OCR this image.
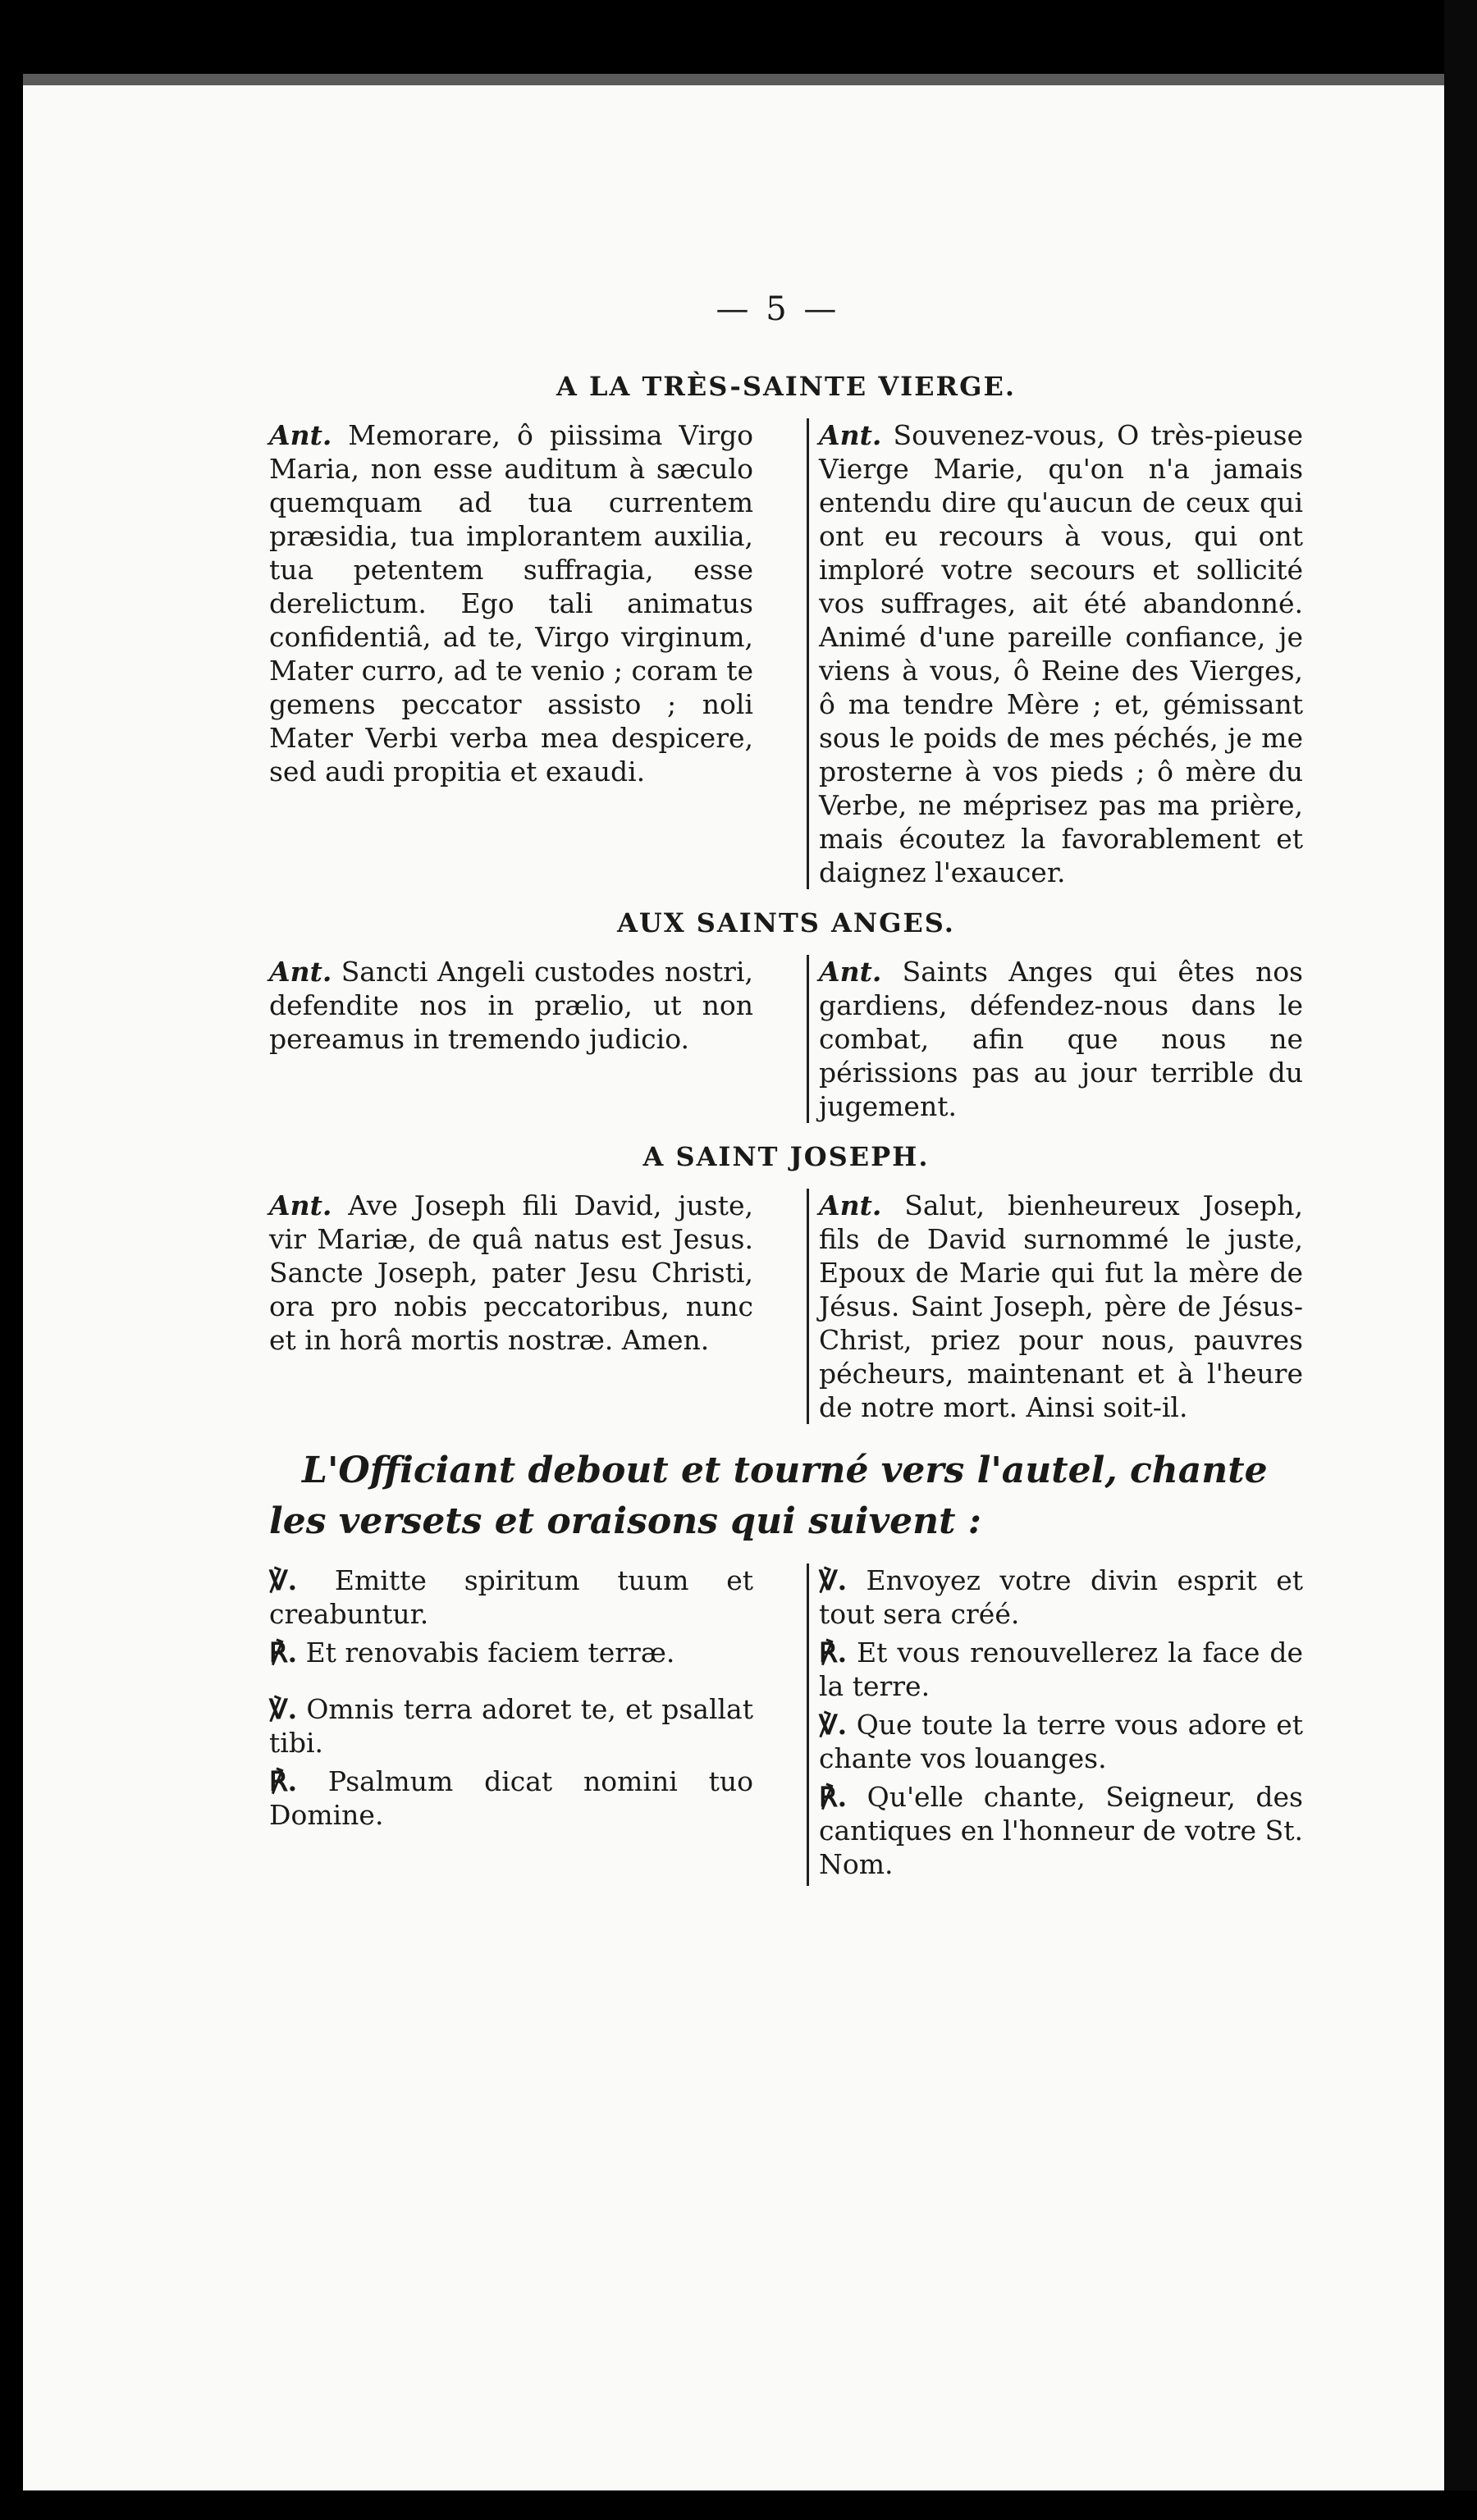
— 5 —
A LA TRÈS-SAINTE VIERGE.
Ant. Memorare, ô piissima Virgo Maria, non esse auditum à sæculo quemquam ad tua currentem præsidia, tua implorantem auxilia, tua petentem suffragia, esse derelictum. Ego tali animatus confidentiâ, ad te, Virgo virginum, Mater curro, ad te venio ; coram te gemens peccator assisto ; noli Mater Verbi verba mea despicere, sed audi propitia et exaudi.
Ant. Souvenez-vous, O très-pieuse Vierge Marie, qu'on n'a jamais entendu dire qu'aucun de ceux qui ont eu recours à vous, qui ont imploré votre secours et sollicité vos suffrages, ait été abandonné. Animé d'une pareille confiance, je viens à vous, ô Reine des Vierges, ô ma tendre Mère ; et, gémissant sous le poids de mes péchés, je me prosterne à vos pieds ; ô mère du Verbe, ne méprisez pas ma prière, mais écoutez la favorablement et daignez l'exaucer.
AUX SAINTS ANGES.
Ant. Sancti Angeli custodes nostri, defendite nos in prælio, ut non pereamus in tremendo judicio.
Ant. Saints Anges qui êtes nos gardiens, défendez-nous dans le combat, afin que nous ne périssions pas au jour terrible du jugement.
A SAINT JOSEPH.
Ant. Ave Joseph fili David, juste, vir Mariæ, de quâ natus est Jesus. Sancte Joseph, pater Jesu Christi, ora pro nobis peccatoribus, nunc et in horâ mortis nostræ. Amen.
Ant. Salut, bienheureux Joseph, fils de David surnommé le juste, Epoux de Marie qui fut la mère de Jésus. Saint Joseph, père de Jésus-Christ, priez pour nous, pauvres pécheurs, maintenant et à l'heure de notre mort. Ainsi soit-il.
L'Officiant debout et tourné vers l'autel, chante les versets et oraisons qui suivent :

℣. Emitte spiritum tuum et creabuntur.

℟. Et renovabis faciem terræ.

℣. Omnis terra adoret te, et psallat tibi.

℟. Psalmum dicat nomini tuo Domine.

℣. Envoyez votre divin esprit et tout sera créé.

℟. Et vous renouvellerez la face de la terre.

℣. Que toute la terre vous adore et chante vos louanges.

℟. Qu'elle chante, Seigneur, des cantiques en l'honneur de votre St. Nom.
